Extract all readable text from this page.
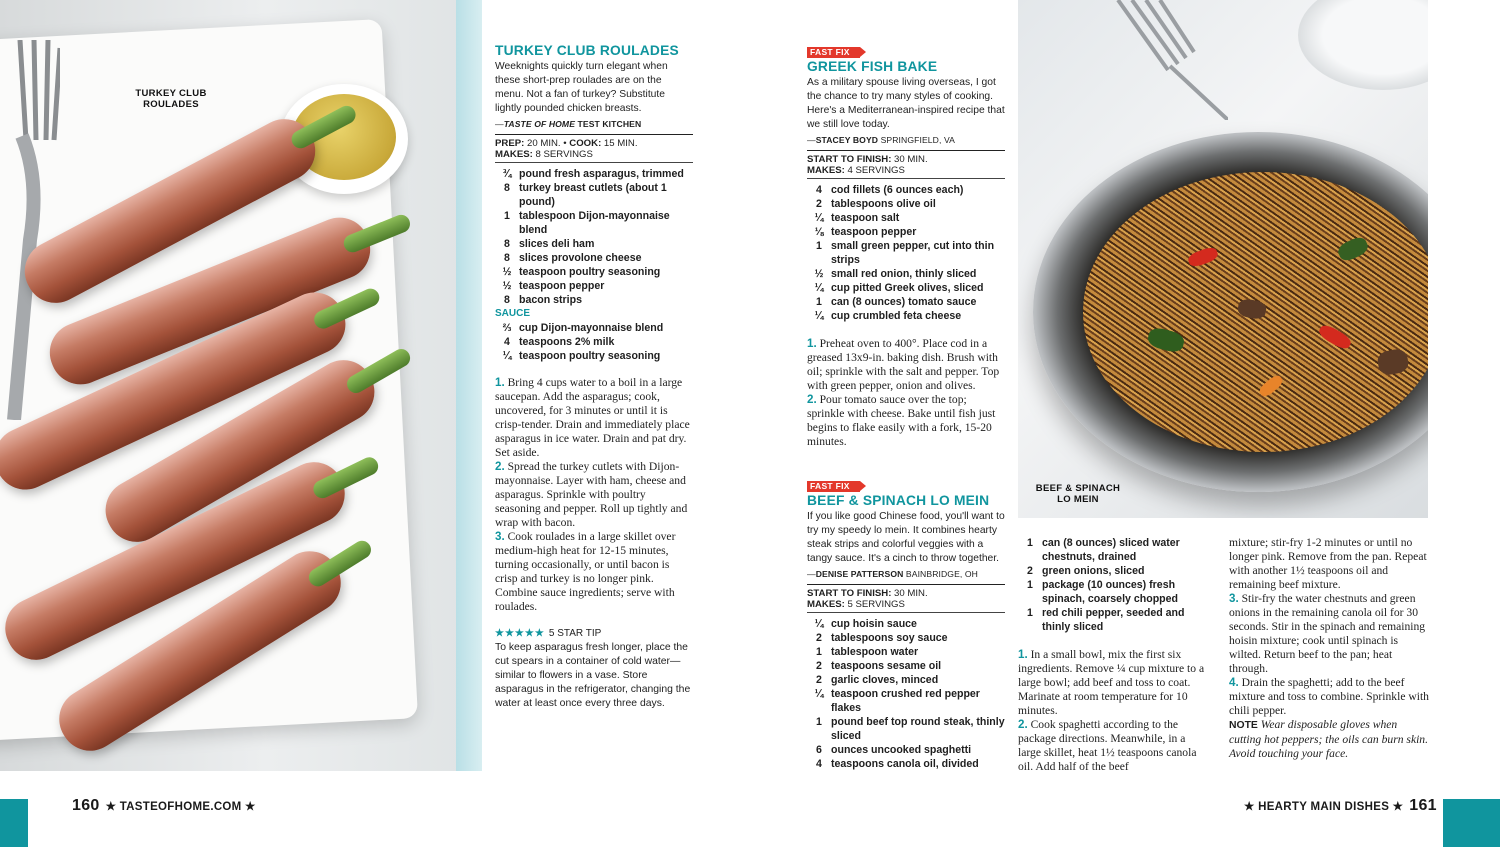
TURKEY CLUB
ROULADES
TURKEY CLUB ROULADES
Weeknights quickly turn elegant when these short-prep roulades are on the menu. Not a fan of turkey? Substitute lightly pounded chicken breasts.
—TASTE OF HOME TEST KITCHEN
PREP: 20 MIN. • COOK: 15 MIN.
MAKES: 8 SERVINGS
¾ pound fresh asparagus, trimmed
8 turkey breast cutlets (about 1 pound)
1 tablespoon Dijon-mayonnaise blend
8 slices deli ham
8 slices provolone cheese
½ teaspoon poultry seasoning
½ teaspoon pepper
8 bacon strips
SAUCE
⅔ cup Dijon-mayonnaise blend
4 teaspoons 2% milk
¼ teaspoon poultry seasoning
1. Bring 4 cups water to a boil in a large saucepan. Add the asparagus; cook, uncovered, for 3 minutes or until it is crisp-tender. Drain and immediately place asparagus in ice water. Drain and pat dry. Set aside.
2. Spread the turkey cutlets with Dijon-mayonnaise. Layer with ham, cheese and asparagus. Sprinkle with poultry seasoning and pepper. Roll up tightly and wrap with bacon.
3. Cook roulades in a large skillet over medium-high heat for 12-15 minutes, turning occasionally, or until bacon is crisp and turkey is no longer pink. Combine sauce ingredients; serve with roulades.
★★★★★ 5 STAR TIP
To keep asparagus fresh longer, place the cut spears in a container of cold water—similar to flowers in a vase. Store asparagus in the refrigerator, changing the water at least once every three days.
FAST FIX
GREEK FISH BAKE
As a military spouse living overseas, I got the chance to try many styles of cooking. Here's a Mediterranean-inspired recipe that we still love today.
—STACEY BOYD SPRINGFIELD, VA
START TO FINISH: 30 MIN.
MAKES: 4 SERVINGS
4 cod fillets (6 ounces each)
2 tablespoons olive oil
¼ teaspoon salt
⅛ teaspoon pepper
1 small green pepper, cut into thin strips
½ small red onion, thinly sliced
¼ cup pitted Greek olives, sliced
1 can (8 ounces) tomato sauce
¼ cup crumbled feta cheese
1. Preheat oven to 400°. Place cod in a greased 13x9-in. baking dish. Brush with oil; sprinkle with the salt and pepper. Top with green pepper, onion and olives.
2. Pour tomato sauce over the top; sprinkle with cheese. Bake until fish just begins to flake easily with a fork, 15-20 minutes.
FAST FIX
BEEF & SPINACH LO MEIN
If you like good Chinese food, you'll want to try my speedy lo mein. It combines hearty steak strips and colorful veggies with a tangy sauce. It's a cinch to throw together.
—DENISE PATTERSON BAINBRIDGE, OH
START TO FINISH: 30 MIN.
MAKES: 5 SERVINGS
¼ cup hoisin sauce
2 tablespoons soy sauce
1 tablespoon water
2 teaspoons sesame oil
2 garlic cloves, minced
¼ teaspoon crushed red pepper flakes
1 pound beef top round steak, thinly sliced
6 ounces uncooked spaghetti
4 teaspoons canola oil, divided
BEEF & SPINACH
LO MEIN
1 can (8 ounces) sliced water chestnuts, drained
2 green onions, sliced
1 package (10 ounces) fresh spinach, coarsely chopped
1 red chili pepper, seeded and thinly sliced
1. In a small bowl, mix the first six ingredients. Remove ¼ cup mixture to a large bowl; add beef and toss to coat. Marinate at room temperature for 10 minutes.
2. Cook spaghetti according to the package directions. Meanwhile, in a large skillet, heat 1½ teaspoons canola oil. Add half of the beef
mixture; stir-fry 1-2 minutes or until no longer pink. Remove from the pan. Repeat with another 1½ teaspoons oil and remaining beef mixture.
3. Stir-fry the water chestnuts and green onions in the remaining canola oil for 30 seconds. Stir in the spinach and remaining hoisin mixture; cook until spinach is wilted. Return beef to the pan; heat through.
4. Drain the spaghetti; add to the beef mixture and toss to combine. Sprinkle with chili pepper.
NOTE Wear disposable gloves when cutting hot peppers; the oils can burn skin. Avoid touching your face.
160 ★ TASTEOFHOME.COM ★	★ HEARTY MAIN DISHES ★ 161
